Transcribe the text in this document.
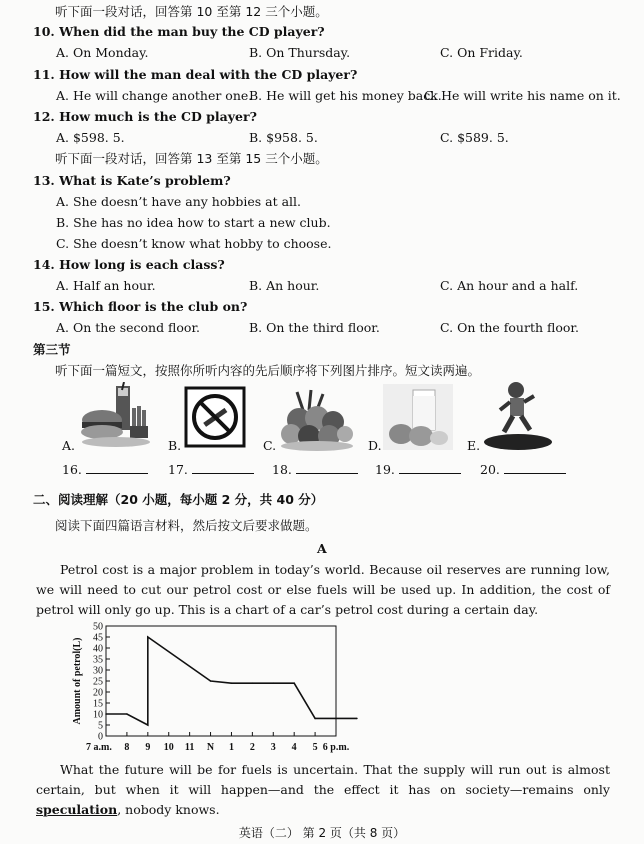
听下面一段对话，回答第 10 至第 12 三个小题。
10. When did the man buy the CD player?
A. On Monday.	B. On Thursday.	C. On Friday.
11. How will the man deal with the CD player?
A. He will change another one.
B. He will get his money back.
C. He will write his name on it.
12. How much is the CD player?
A. $598. 5.	B. $958. 5.	C. $589. 5.
听下面一段对话，回答第 13 至第 15 三个小题。
13. What is Kate’s problem?
A. She doesn’t have any hobbies at all.
B. She has no idea how to start a new club.
C. She doesn’t know what hobby to choose.
14. How long is each class?
A. Half an hour.	B. An hour.	C. An hour and a half.
15. Which floor is the club on?
A. On the second floor.	B. On the third floor.	C. On the fourth floor.
第三节
听下面一篇短文，按照你所听内容的先后顺序将下列图片排序。短文读两遍。
A.	B.	C.	D.	E.
16.	17.	18.	19.	20.
二、阅读理解（20 小题，每小题 2 分，共 40 分）
阅读下面四篇语言材料，然后按文后要求做题。
A
Petrol cost is a major problem in today’s world. Because oil reserves are running low, we will need to cut our petrol cost or else fuels will be used up. In addition, the cost of petrol will only go up. This is a chart of a car’s petrol cost during a certain day.
0
5
10
15
20
25
30
35
40
45
50
7 a.m. 8 9 10 11 N 1 2 3 4 5 6 p.m.
Amount of petrol(L)
What the future will be for fuels is uncertain. That the supply will run out is almost certain, but when it will happen—and the effect it has on society—remains only speculation, nobody knows.
英语（二） 第 2 页（共 8 页）
